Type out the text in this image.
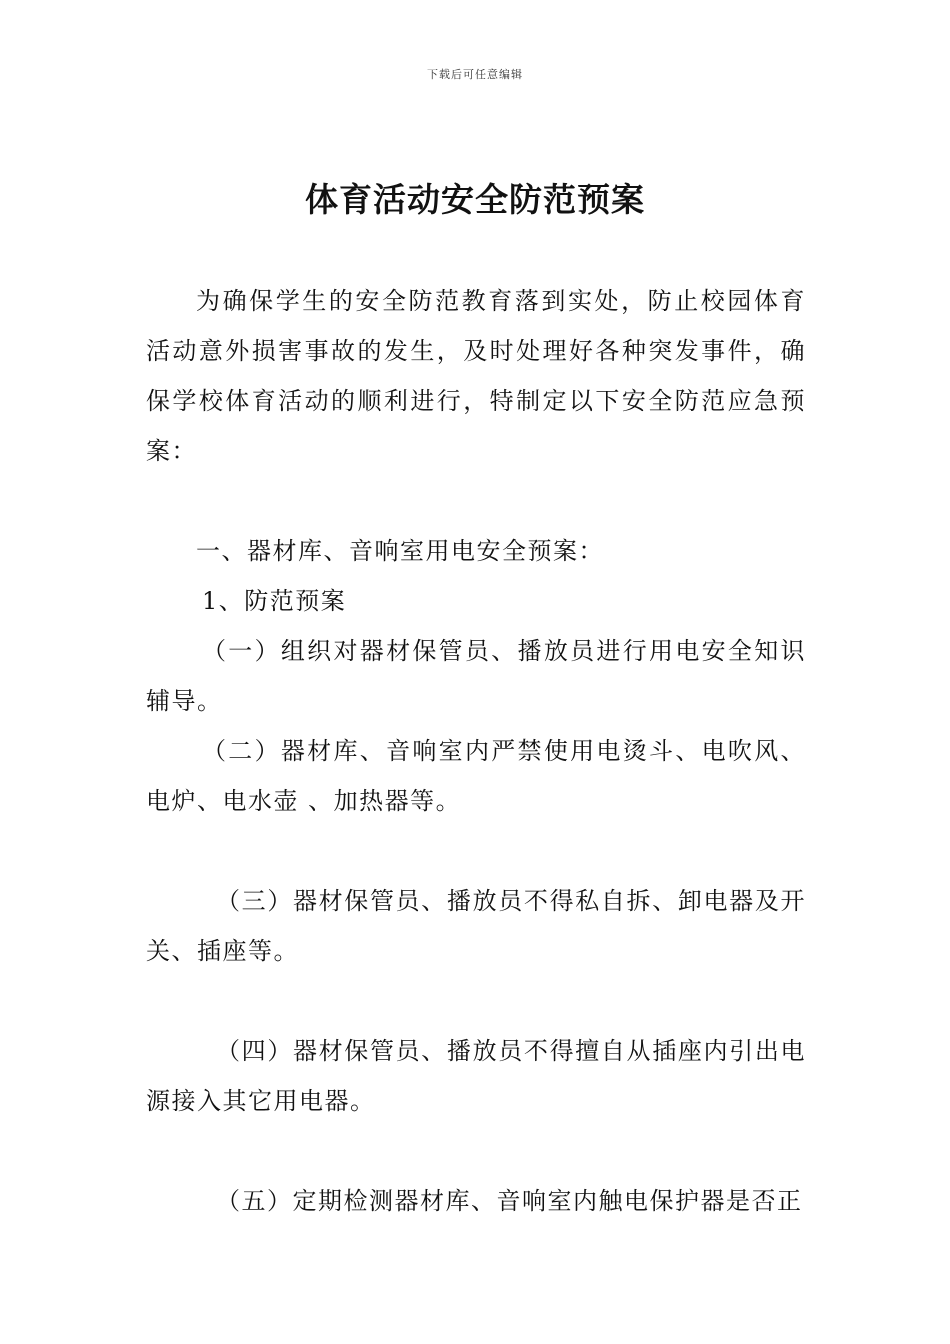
下载后可任意编辑
体育活动安全防范预案

为确保学生的安全防范教育落到实处，防止校园体育活动意外损害事故的发生，及时处理好各种突发事件，确保学校体育活动的顺利进行，特制定以下安全防范应急预案：

一、器材库、音响室用电安全预案：

1、防范预案

（一）组织对器材保管员、播放员进行用电安全知识辅导。

（二）器材库、音响室内严禁使用电烫斗、电吹风、电炉、电水壶 、加热器等。

（三）器材保管员、播放员不得私自拆、卸电器及开关、插座等。

（四）器材保管员、播放员不得擅自从插座内引出电源接入其它用电器。

（五）定期检测器材库、音响室内触电保护器是否正
